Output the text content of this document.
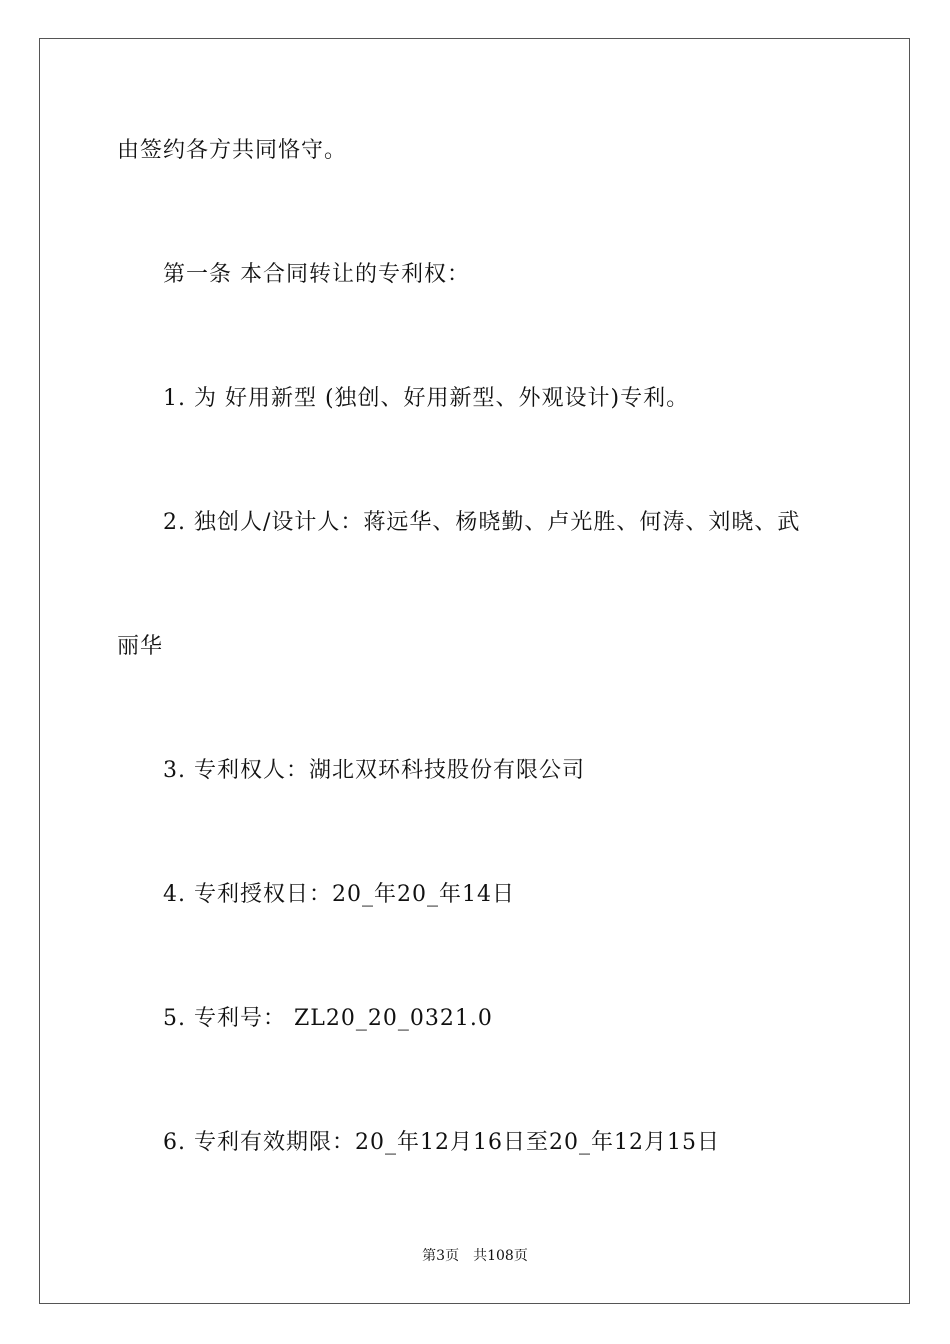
由签约各方共同恪守。
第一条 本合同转让的专利权：
1. 为 好用新型 (独创、好用新型、外观设计)专利。
2. 独创人/设计人：蒋远华、杨晓勤、卢光胜、何涛、刘晓、武
丽华
3. 专利权人：湖北双环科技股份有限公司
4. 专利授权日：20_年20_年14日
5. 专利号： ZL20_20_0321.0
6. 专利有效期限：20_年12月16日至20_年12月15日
第3页 共108页
